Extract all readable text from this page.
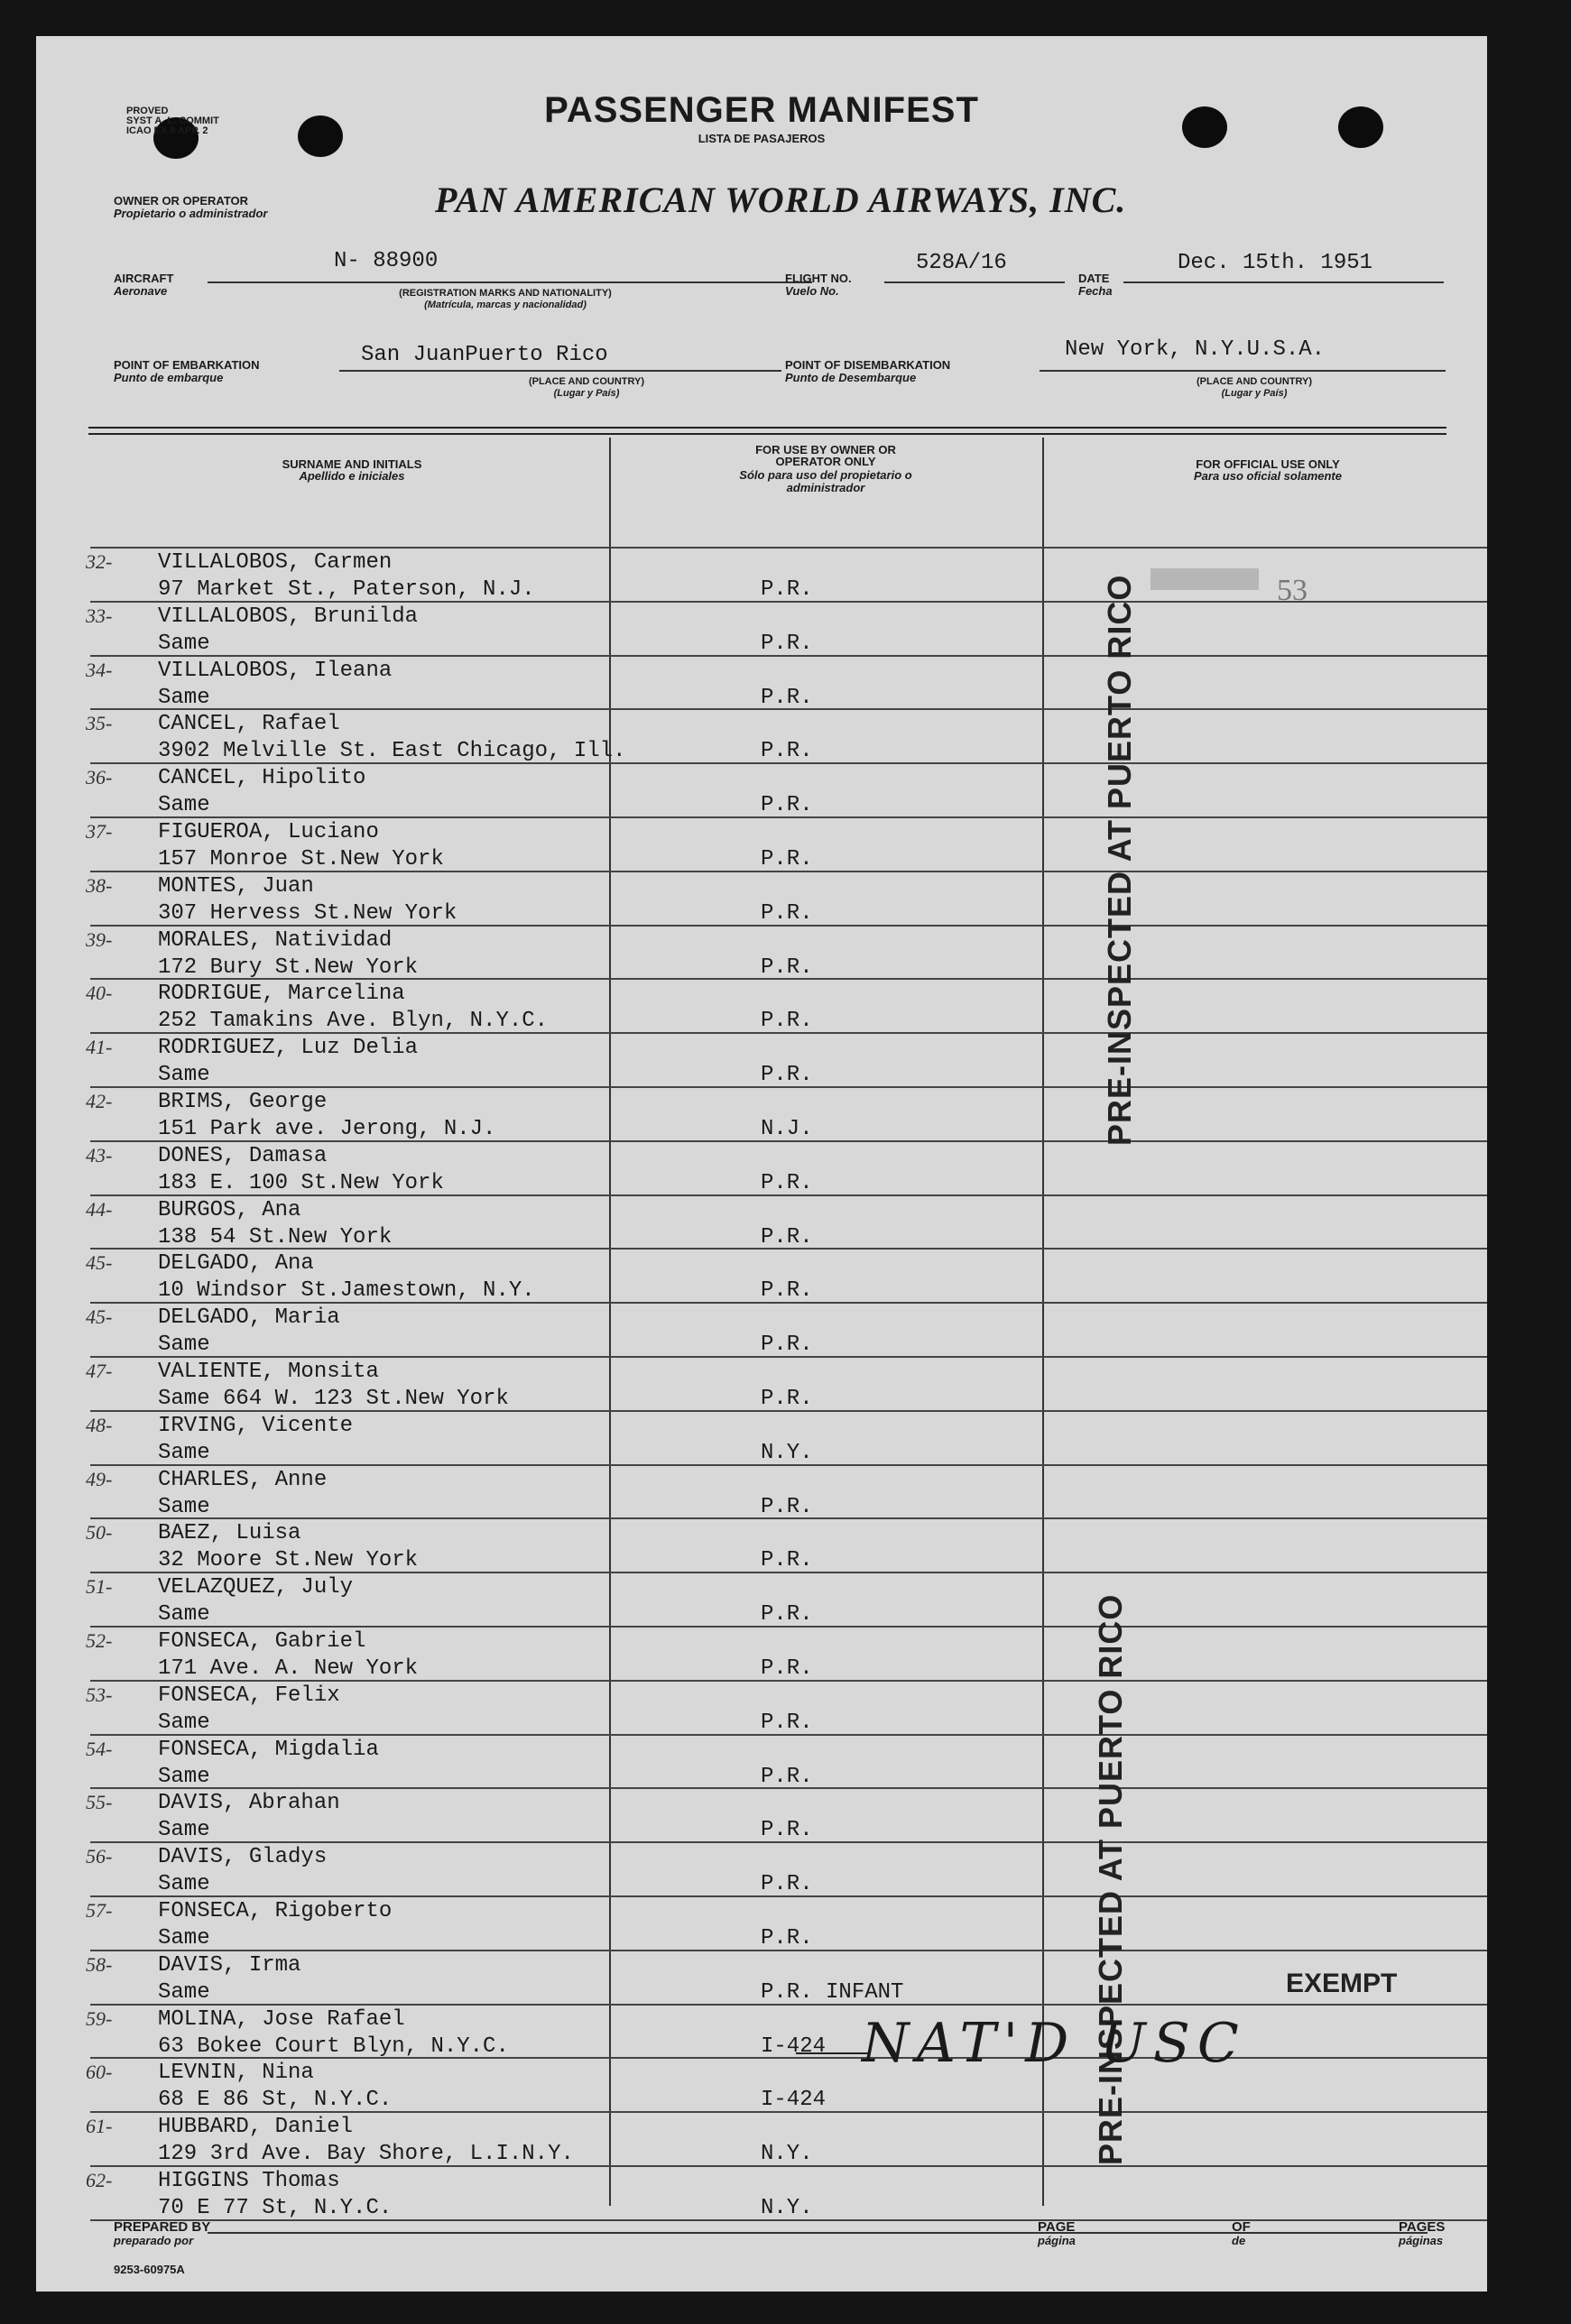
PROVED
SYST A. L. COMMIT
ICAO EX 9 APP. 2
PASSENGER MANIFEST
LISTA DE PASAJEROS
OWNER OR OPERATOR
Propietario o administrador	PAN AMERICAN WORLD AIRWAYS, INC.
AIRCRAFT
Aeronave
N- 88900
(REGISTRATION MARKS AND NATIONALITY)
(Matrícula, marcas y nacionalidad)
FLIGHT NO.
Vuelo No.
528A/16
DATE
Fecha
Dec. 15th. 1951
POINT OF EMBARKATION
Punto de embarque
San JuanPuerto Rico
(PLACE AND COUNTRY)
(Lugar y País)
POINT OF DISEMBARKATION
Punto de Desembarque
New York, N.Y.U.S.A.
(PLACE AND COUNTRY)
(Lugar y País)
SURNAME AND INITIALS
Apellido e iniciales
FOR USE BY OWNER OR OPERATOR ONLY
Sólo para uso del propietario o administrador
FOR OFFICIAL USE ONLY
Para uso oficial solamente
32- VILLALOBOS, Carmen
97 Market St., Paterson, N.J.	P.R.
33- VILLALOBOS, Brunilda
Same	P.R.
34- VILLALOBOS, Ileana
Same	P.R.
35- CANCEL, Rafael
3902 Melville St. East Chicago, Ill.	P.R.
36- CANCEL, Hipolito
Same	P.R.
37- FIGUEROA, Luciano
157 Monroe St.New York	P.R.
38- MONTES, Juan
307 Hervess St.New York	P.R.
39- MORALES, Natividad
172 Bury St.New York	P.R.
40- RODRIGUE, Marcelina
252 Tamakins Ave. Blyn, N.Y.C.	P.R.
41- RODRIGUEZ, Luz Delia
Same	P.R.
42- BRIMS, George
151 Park ave. Jerong, N.J.	N.J.
43- DONES, Damasa
183 E. 100 St.New York	P.R.
44- BURGOS, Ana
138 54 St.New York	P.R.
45- DELGADO, Ana
10 Windsor St.Jamestown, N.Y.	P.R.
45- DELGADO, Maria
Same	P.R.
47- VALIENTE, Monsita
Same 664 W. 123 St.New York	P.R.
48- IRVING, Vicente
Same	N.Y.
49- CHARLES, Anne
Same	P.R.
50- BAEZ, Luisa
32 Moore St.New York	P.R.
51- VELAZQUEZ, July
Same	P.R.
52- FONSECA, Gabriel
171 Ave. A. New York	P.R.
53- FONSECA, Felix
Same	P.R.
54- FONSECA, Migdalia
Same	P.R.
55- DAVIS, Abrahan
Same	P.R.
56- DAVIS, Gladys
Same	P.R.
57- FONSECA, Rigoberto
Same	P.R.
58- DAVIS, Irma
Same	P.R. INFANT
59- MOLINA, Jose Rafael
63 Bokee Court Blyn, N.Y.C.	I-424
60- LEVNIN, Nina
68 E 86 St, N.Y.C.	I-424
61- HUBBARD, Daniel
129 3rd Ave. Bay Shore, L.I.N.Y.	N.Y.
62- HIGGINS Thomas
70 E 77 St, N.Y.C.	N.Y.
PRE-INSPECTED AT PUERTO RICO
PRE-INSPECTED AT PUERTO RICO
53
EXEMPT
NAT'D USC
PREPARED BY
preparado por
PAGE
página
OF
de
PAGES
páginas
9253-60975A
